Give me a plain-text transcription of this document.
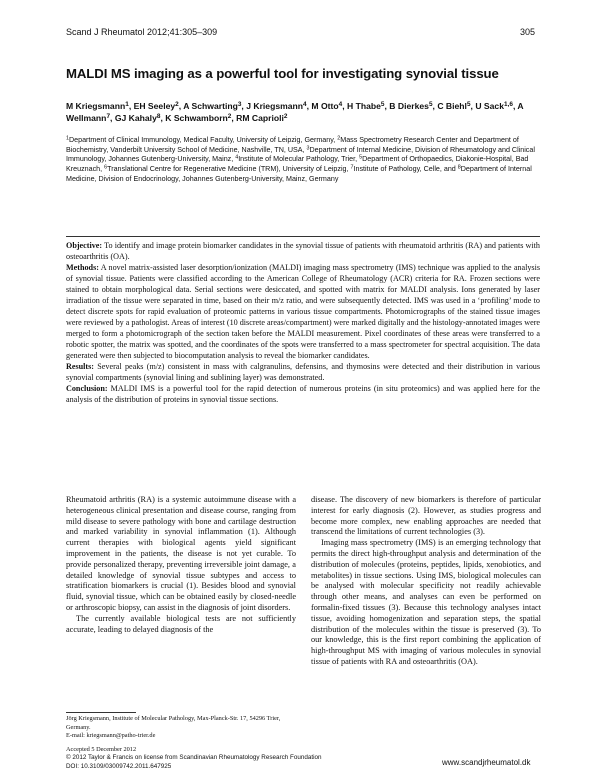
Scand J Rheumatol 2012;41:305–309	305
MALDI MS imaging as a powerful tool for investigating synovial tissue
M Kriegsmann$^1$, EH Seeley$^2$, A Schwarting$^3$, J Kriegsmann$^4$, M Otto$^4$, H Thabe$^5$, B Dierkes$^5$, C Biehl$^5$, U Sack$^{1,6}$, A Wellmann$^7$, GJ Kahaly$^8$, K Schwamborn$^2$, RM Caprioli$^2$
$^1$Department of Clinical Immunology, Medical Faculty, University of Leipzig, Germany, $^2$Mass Spectrometry Research Center and Department of Biochemistry, Vanderbilt University School of Medicine, Nashville, TN, USA, $^3$Department of Internal Medicine, Division of Rheumatology and Clinical Immunology, Johannes Gutenberg-University, Mainz, $^4$Institute of Molecular Pathology, Trier, $^5$Department of Orthopaedics, Diakonie-Hospital, Bad Kreuznach, $^6$Translational Centre for Regenerative Medicine (TRM), University of Leipzig, $^7$Institute of Pathology, Celle, and $^8$Department of Internal Medicine, Division of Endocrinology, Johannes Gutenberg-University, Mainz, Germany

Objective: To identify and image protein biomarker candidates in the synovial tissue of patients with rheumatoid arthritis (RA) and patients with osteoarthritis (OA).

Methods: A novel matrix-assisted laser desorption/ionization (MALDI) imaging mass spectrometry (IMS) technique was applied to the analysis of synovial tissue. Patients were classified according to the American College of Rheumatology (ACR) criteria for RA. Frozen sections were stained to obtain morphological data. Serial sections were desiccated, and spotted with matrix for MALDI analysis. Ions generated by laser irradiation of the tissue were separated in time, based on their m/z ratio, and were subsequently detected. IMS was used in a ‘profiling’ mode to detect discrete spots for rapid evaluation of proteomic patterns in various tissue compartments. Photomicrographs of the stained tissue images were reviewed by a pathologist. Areas of interest (10 discrete areas/compartment) were marked digitally and the histology-annotated images were merged to form a photomicrograph of the section taken before the MALDI measurement. Pixel coordinates of these areas were transferred to a robotic spotter, the matrix was spotted, and the coordinates of the spots were transferred to a mass spectrometer for spectral acquisition. The data generated were then subjected to biocomputation analysis to reveal the biomarker candidates.

Results: Several peaks (m/z) consistent in mass with calgranulins, defensins, and thymosins were detected and their distribution in various synovial compartments (synovial lining and sublining layer) was demonstrated.

Conclusion: MALDI IMS is a powerful tool for the rapid detection of numerous proteins (in situ proteomics) and was applied here for the analysis of the distribution of proteins in synovial tissue sections.

Rheumatoid arthritis (RA) is a systemic autoimmune disease with a heterogeneous clinical presentation and disease course, ranging from mild disease to severe pathology with bone and cartilage destruction and marked variability in synovial inflammation (1). Although current therapies with biological agents yield significant improvement in the patients, the disease is not yet curable. To provide personalized therapy, preventing irreversible joint damage, a detailed knowledge of synovial tissue subtypes and access to stratification biomarkers is crucial (1). Besides blood and synovial fluid, synovial tissue, which can be obtained easily by closed-needle or arthroscopic biopsy, can assist in the diagnosis of joint disorders.

The currently available biological tests are not sufficiently accurate, leading to delayed diagnosis of the

disease. The discovery of new biomarkers is therefore of particular interest for early diagnosis (2). However, as studies progress and become more complex, new enabling approaches are needed that transcend the limitations of current technologies (3).

Imaging mass spectrometry (IMS) is an emerging technology that permits the direct high-throughput analysis and determination of the distribution of molecules (proteins, peptides, lipids, xenobiotics, and metabolites) in tissue sections. Using IMS, biological molecules can be analysed with molecular specificity not readily achievable through other means, and analyses can even be performed on formalin-fixed tissues (3). Because this technology analyses intact tissue, avoiding homogenization and separation steps, the spatial distribution of the molecules within the tissue is preserved (3). To our knowledge, this is the first report combining the application of high-throughput MS with imaging of various molecules in synovial tissue of patients with RA and osteoarthritis (OA).

Jörg Kriegsmann, Institute of Molecular Pathology, Max-Planck-Str. 17, 54296 Trier, Germany.
E-mail: kriegsmann@patho-trier.de
Accepted 5 December 2012
© 2012 Taylor & Francis on license from Scandinavian Rheumatology Research Foundation
DOI: 10.3109/03009742.2011.647925	www.scandjrheumatol.dk
